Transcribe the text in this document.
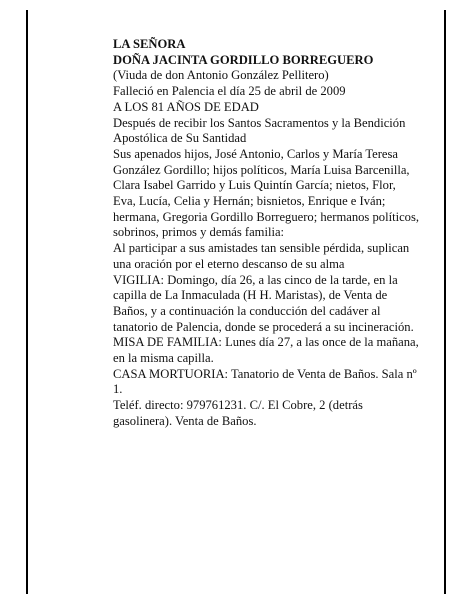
LA SEÑORA

DOÑA JACINTA GORDILLO BORREGUERO

(Viuda de don Antonio González Pellitero)

Falleció en Palencia el día 25 de abril de 2009

A LOS 81 AÑOS DE EDAD

Después de recibir los Santos Sacramentos y la Bendición Apostólica de Su Santidad

Sus apenados hijos, José Antonio, Carlos y María Teresa González Gordillo; hijos políticos, María Luisa Barcenilla, Clara Isabel Garrido y Luis Quintín García; nietos, Flor, Eva, Lucía, Celia y Hernán; bisnietos, Enrique e Iván; hermana, Gregoria Gordillo Borreguero; hermanos políticos, sobrinos, primos y demás familia:

Al participar a sus amistades tan sensible pérdida, suplican una oración por el eterno descanso de su alma

VIGILIA: Domingo, día 26, a las cinco de la tarde, en la capilla de La Inmaculada (H H. Maristas), de Venta de Baños, y a continuación la conducción del cadáver al tanatorio de Palencia, donde se procederá a su incineración.

MISA DE FAMILIA: Lunes día 27, a las once de la mañana, en la misma capilla.

CASA MORTUORIA: Tanatorio de Venta de Baños. Sala nº 1.

Teléf. directo: 979761231. C/. El Cobre, 2 (detrás gasolinera). Venta de Baños.
